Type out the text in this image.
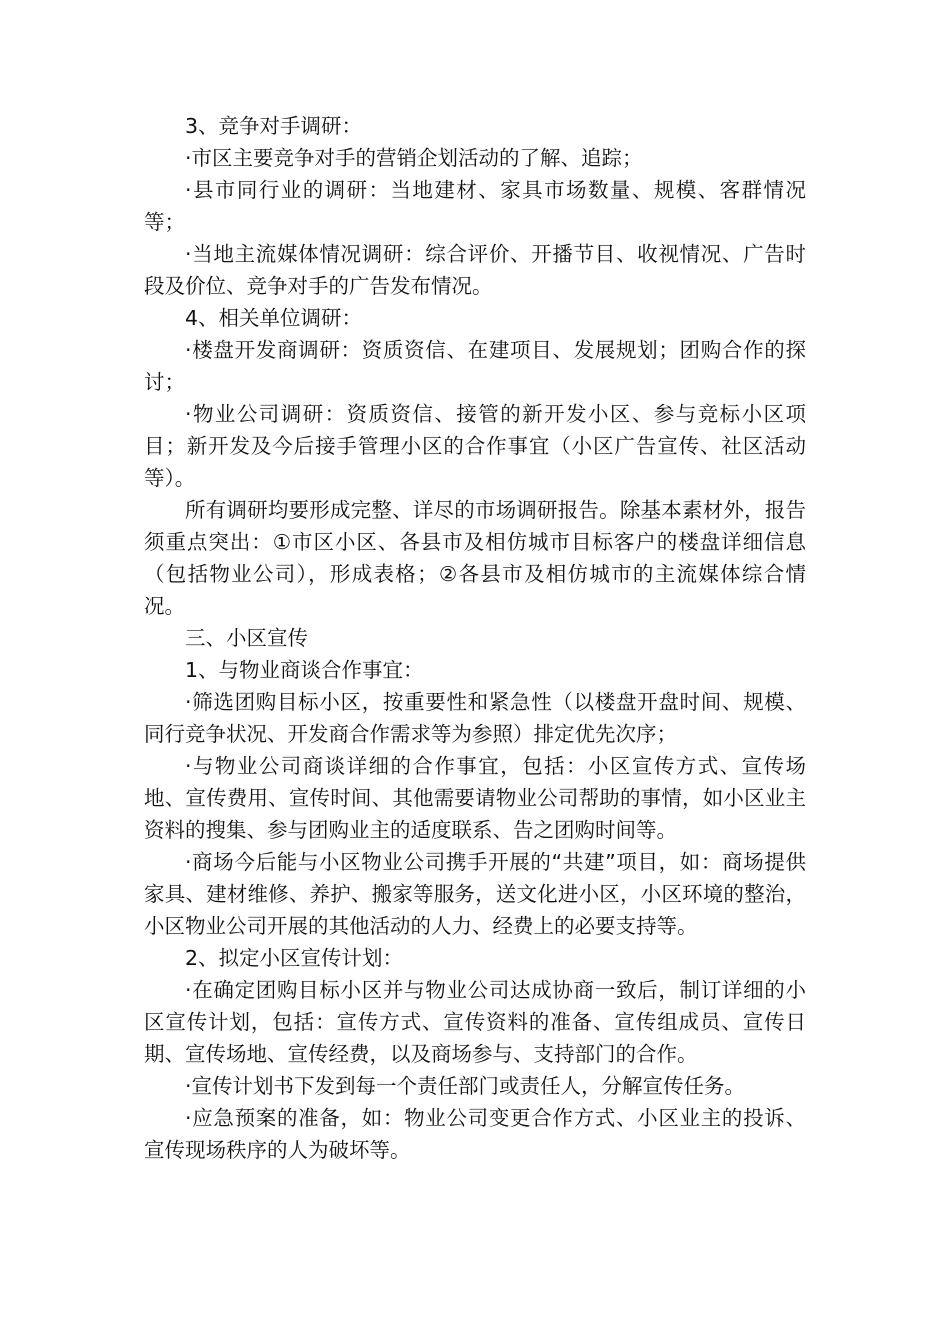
3、竞争对手调研：

·市区主要竞争对手的营销企划活动的了解、追踪；

·县市同行业的调研：当地建材、家具市场数量、规模、客群情况等；

·当地主流媒体情况调研：综合评价、开播节目、收视情况、广告时段及价位、竞争对手的广告发布情况。

4、相关单位调研：

·楼盘开发商调研：资质资信、在建项目、发展规划；团购合作的探讨；

·物业公司调研：资质资信、接管的新开发小区、参与竞标小区项目；新开发及今后接手管理小区的合作事宜（小区广告宣传、社区活动等）。

所有调研均要形成完整、详尽的市场调研报告。除基本素材外，报告须重点突出：①市区小区、各县市及相仿城市目标客户的楼盘详细信息（包括物业公司），形成表格；②各县市及相仿城市的主流媒体综合情况。

三、小区宣传

1、与物业商谈合作事宜：

·筛选团购目标小区，按重要性和紧急性（以楼盘开盘时间、规模、同行竞争状况、开发商合作需求等为参照）排定优先次序；

·与物业公司商谈详细的合作事宜，包括：小区宣传方式、宣传场地、宣传费用、宣传时间、其他需要请物业公司帮助的事情，如小区业主资料的搜集、参与团购业主的适度联系、告之团购时间等。

·商场今后能与小区物业公司携手开展的“共建”项目，如：商场提供家具、建材维修、养护、搬家等服务，送文化进小区，小区环境的整治，小区物业公司开展的其他活动的人力、经费上的必要支持等。

2、拟定小区宣传计划：

·在确定团购目标小区并与物业公司达成协商一致后，制订详细的小区宣传计划，包括：宣传方式、宣传资料的准备、宣传组成员、宣传日期、宣传场地、宣传经费，以及商场参与、支持部门的合作。

·宣传计划书下发到每一个责任部门或责任人，分解宣传任务。

·应急预案的准备，如：物业公司变更合作方式、小区业主的投诉、宣传现场秩序的人为破坏等。
